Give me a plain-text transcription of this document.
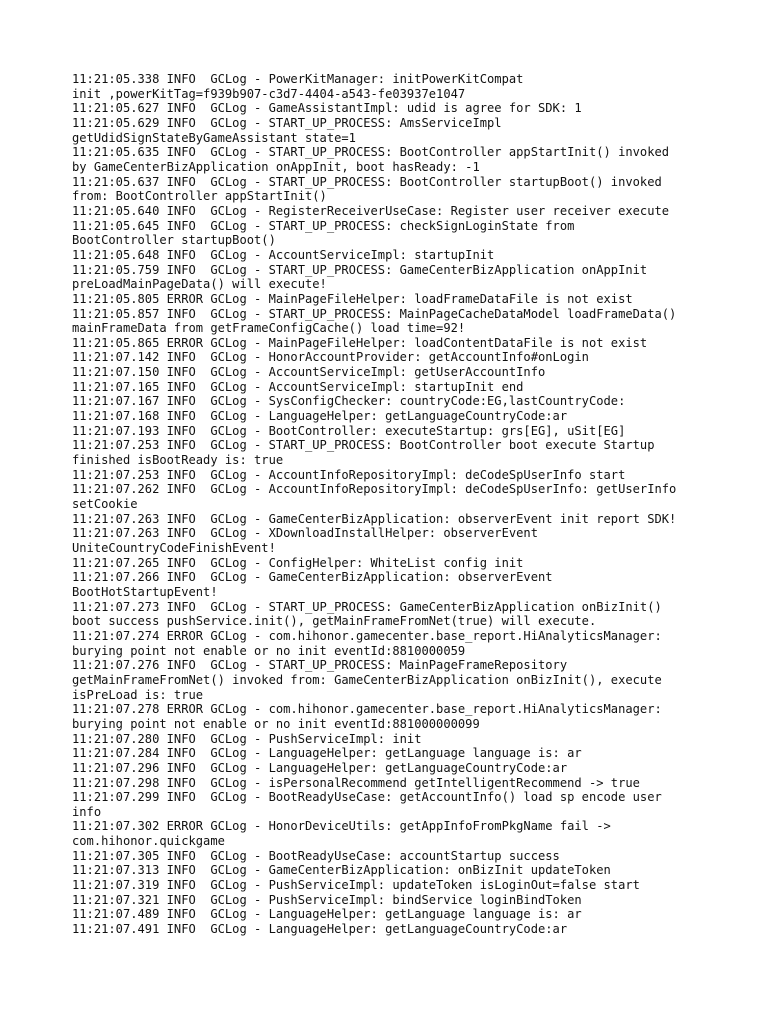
11:21:05.338 INFO  GCLog - PowerKitManager: initPowerKitCompat
init ,powerKitTag=f939b907-c3d7-4404-a543-fe03937e1047
11:21:05.627 INFO  GCLog - GameAssistantImpl: udid is agree for SDK: 1
11:21:05.629 INFO  GCLog - START_UP_PROCESS: AmsServiceImpl
getUdidSignStateByGameAssistant state=1
11:21:05.635 INFO  GCLog - START_UP_PROCESS: BootController appStartInit() invoked
by GameCenterBizApplication onAppInit, boot hasReady: -1
11:21:05.637 INFO  GCLog - START_UP_PROCESS: BootController startupBoot() invoked
from: BootController appStartInit()
11:21:05.640 INFO  GCLog - RegisterReceiverUseCase: Register user receiver execute
11:21:05.645 INFO  GCLog - START_UP_PROCESS: checkSignLoginState from
BootController startupBoot()
11:21:05.648 INFO  GCLog - AccountServiceImpl: startupInit
11:21:05.759 INFO  GCLog - START_UP_PROCESS: GameCenterBizApplication onAppInit
preLoadMainPageData() will execute!
11:21:05.805 ERROR GCLog - MainPageFileHelper: loadFrameDataFile is not exist
11:21:05.857 INFO  GCLog - START_UP_PROCESS: MainPageCacheDataModel loadFrameData()
mainFrameData from getFrameConfigCache() load time=92!
11:21:05.865 ERROR GCLog - MainPageFileHelper: loadContentDataFile is not exist
11:21:07.142 INFO  GCLog - HonorAccountProvider: getAccountInfo#onLogin
11:21:07.150 INFO  GCLog - AccountServiceImpl: getUserAccountInfo
11:21:07.165 INFO  GCLog - AccountServiceImpl: startupInit end
11:21:07.167 INFO  GCLog - SysConfigChecker: countryCode:EG,lastCountryCode:
11:21:07.168 INFO  GCLog - LanguageHelper: getLanguageCountryCode:ar
11:21:07.193 INFO  GCLog - BootController: executeStartup: grs[EG], uSit[EG]
11:21:07.253 INFO  GCLog - START_UP_PROCESS: BootController boot execute Startup
finished isBootReady is: true
11:21:07.253 INFO  GCLog - AccountInfoRepositoryImpl: deCodeSpUserInfo start
11:21:07.262 INFO  GCLog - AccountInfoRepositoryImpl: deCodeSpUserInfo: getUserInfo
setCookie
11:21:07.263 INFO  GCLog - GameCenterBizApplication: observerEvent init report SDK!
11:21:07.263 INFO  GCLog - XDownloadInstallHelper: observerEvent
UniteCountryCodeFinishEvent!
11:21:07.265 INFO  GCLog - ConfigHelper: WhiteList config init
11:21:07.266 INFO  GCLog - GameCenterBizApplication: observerEvent
BootHotStartupEvent!
11:21:07.273 INFO  GCLog - START_UP_PROCESS: GameCenterBizApplication onBizInit()
boot success pushService.init(), getMainFrameFromNet(true) will execute.
11:21:07.274 ERROR GCLog - com.hihonor.gamecenter.base_report.HiAnalyticsManager:
burying point not enable or no init eventId:8810000059
11:21:07.276 INFO  GCLog - START_UP_PROCESS: MainPageFrameRepository
getMainFrameFromNet() invoked from: GameCenterBizApplication onBizInit(), execute
isPreLoad is: true
11:21:07.278 ERROR GCLog - com.hihonor.gamecenter.base_report.HiAnalyticsManager:
burying point not enable or no init eventId:881000000099
11:21:07.280 INFO  GCLog - PushServiceImpl: init
11:21:07.284 INFO  GCLog - LanguageHelper: getLanguage language is: ar
11:21:07.296 INFO  GCLog - LanguageHelper: getLanguageCountryCode:ar
11:21:07.298 INFO  GCLog - isPersonalRecommend getIntelligentRecommend -> true
11:21:07.299 INFO  GCLog - BootReadyUseCase: getAccountInfo() load sp encode user
info
11:21:07.302 ERROR GCLog - HonorDeviceUtils: getAppInfoFromPkgName fail ->
com.hihonor.quickgame
11:21:07.305 INFO  GCLog - BootReadyUseCase: accountStartup success
11:21:07.313 INFO  GCLog - GameCenterBizApplication: onBizInit updateToken
11:21:07.319 INFO  GCLog - PushServiceImpl: updateToken isLoginOut=false start
11:21:07.321 INFO  GCLog - PushServiceImpl: bindService loginBindToken
11:21:07.489 INFO  GCLog - LanguageHelper: getLanguage language is: ar
11:21:07.491 INFO  GCLog - LanguageHelper: getLanguageCountryCode:ar
